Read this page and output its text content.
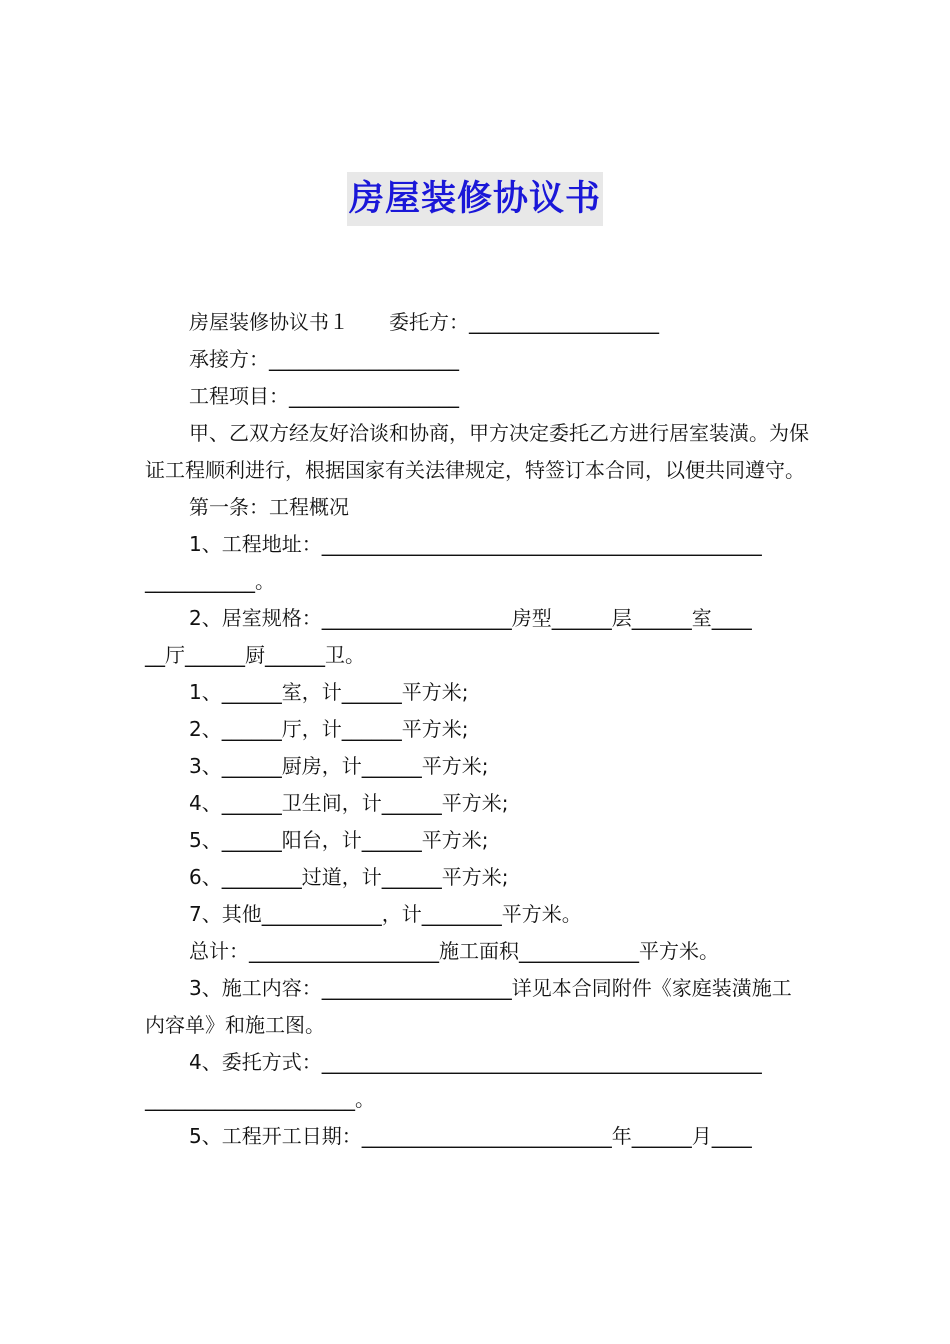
房屋装修协议书

房屋装修协议书１　　委托方：___________________

承接方：___________________

工程项目：_________________

甲、乙双方经友好洽谈和协商，甲方决定委托乙方进行居室装潢。为保证工程顺利进行，根据国家有关法律规定，特签订本合同，以便共同遵守。

第一条：工程概况

1、工程地址：____________________________________________

___________。

2、居室规格：___________________房型______层______室____

__厅______厨______卫。

1、______室，计______平方米;

2、______厅，计______平方米;

3、______厨房，计______平方米;

4、______卫生间，计______平方米;

5、______阳台，计______平方米;

6、________过道，计______平方米;

7、其他____________，计________平方米。

总计：___________________施工面积____________平方米。

3、施工内容：___________________详见本合同附件《家庭装潢施工内容单》和施工图。

4、委托方式：____________________________________________

_____________________。

5、工程开工日期：_________________________年______月____
